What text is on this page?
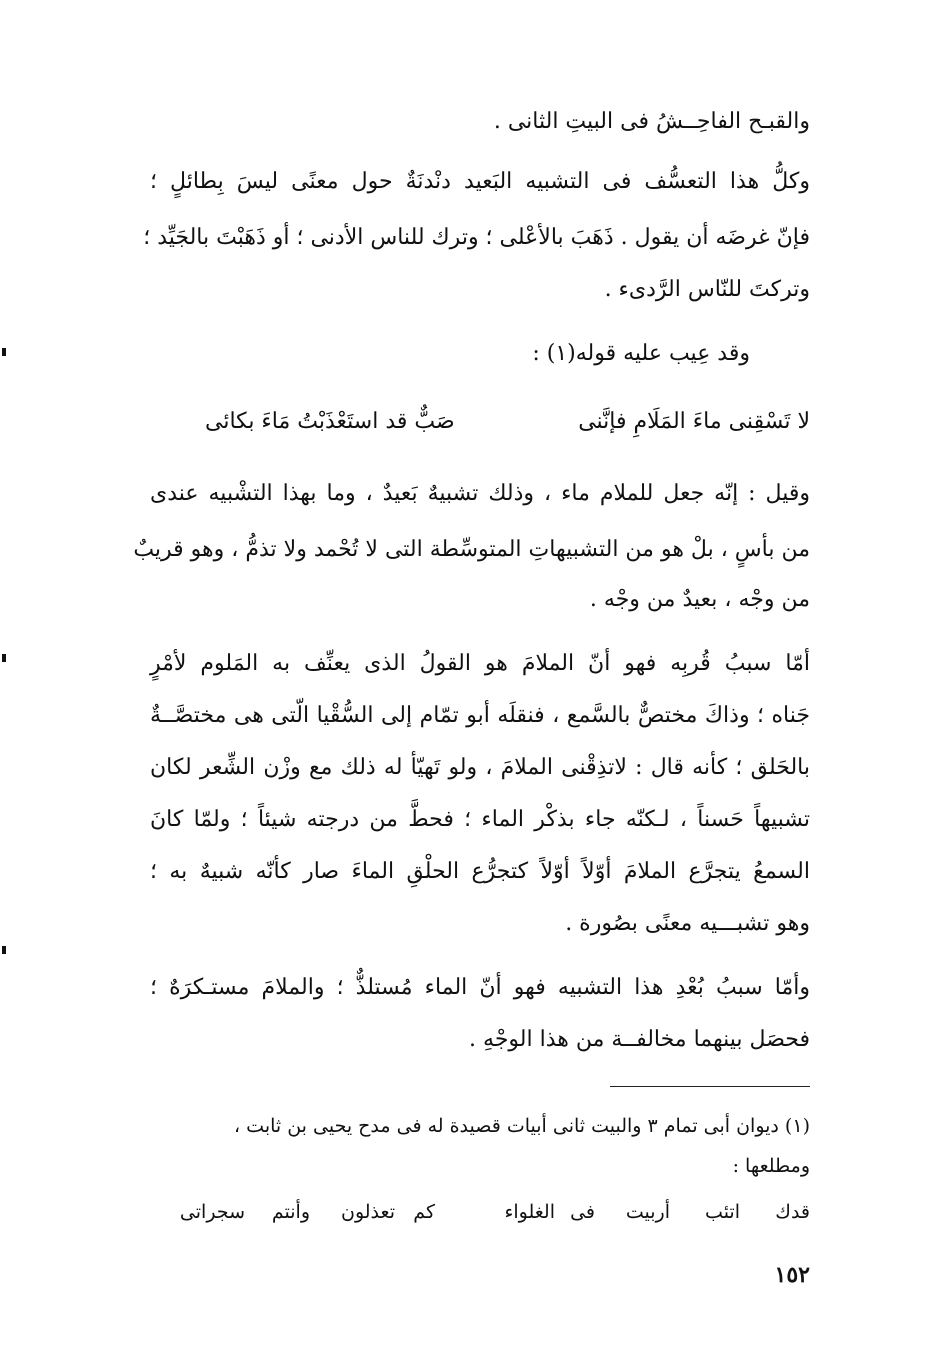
والقبـح الفاحِــشُ فى البيتِ الثانى .
وكلُّ هذا التعسُّف فى التشبيه البَعيد دنْدنَةٌ حول معنًى ليسَ بِطائلٍ ؛
فإنّ غرضَه أن يقول . ذَهَبَ بالأعْلى ؛ وترك للناس الأدنى ؛ أو ذَهَبْتَ بالجَيِّد ؛
وتركتَ للنّاس الرَّدىء .
وقد عِيب عليه قوله(١) :
لا تَسْقِنى ماءَ المَلَامِ فإنَّنى
صَبٌّ قد استَعْذَبْتُ مَاءَ بكائى
وقيل : إنّه جعل للملام ماء ، وذلك تشبيهٌ بَعيدٌ ، وما بهذا التشْبيه عندى
من بأسٍ ، بلْ هو من التشبيهاتِ المتوسِّطة التى لا تُحْمد ولا تذمُّ ، وهو قريبٌ
من وجْه ، بعيدٌ من وجْه .
أمّا سببُ قُربِه فهو أنّ الملامَ هو القولُ الذى يعنِّف به المَلوم لأمْرٍ
جَناه ؛ وذاكَ مختصٌّ بالسَّمع ، فنقلَه أبو تمّام إلى السُّقْيا الّتى هى مختصَّــةٌ
بالحَلق ؛ كأنه قال : لاتذِقْنى الملامَ ، ولو تَهيّأ له ذلك مع وزْن الشِّعر لكان
تشبيهاً حَسناً ، لـكنّه جاء بذكْر الماء ؛ فحطَّ من درجته شيئاً ؛ ولمّا كانَ
السمعُ يتجرَّع الملامَ أوّلاً أوّلاً كتجرُّع الحلْقِ الماءَ صار كأنّه شبيهٌ به ؛
وهو تشبـــيه معنًى بصُورة .
وأمّا سببُ بُعْدِ هذا التشبيه فهو أنّ الماء مُستلذٌّ ؛ والملامَ مستـكرَهٌ ؛
فحصَل بينهما مخالفــة من هذا الوجْهِ .
(١) ديوان أبى تمام ٣ والبيت ثانى أبيات قصيدة له فى مدح يحيى بن ثابت ،
ومطلعها :
قدك
اتئب
أربيت
فى
الغلواء
كم
تعذلون
وأنتم
سجراتى
١٥٢
